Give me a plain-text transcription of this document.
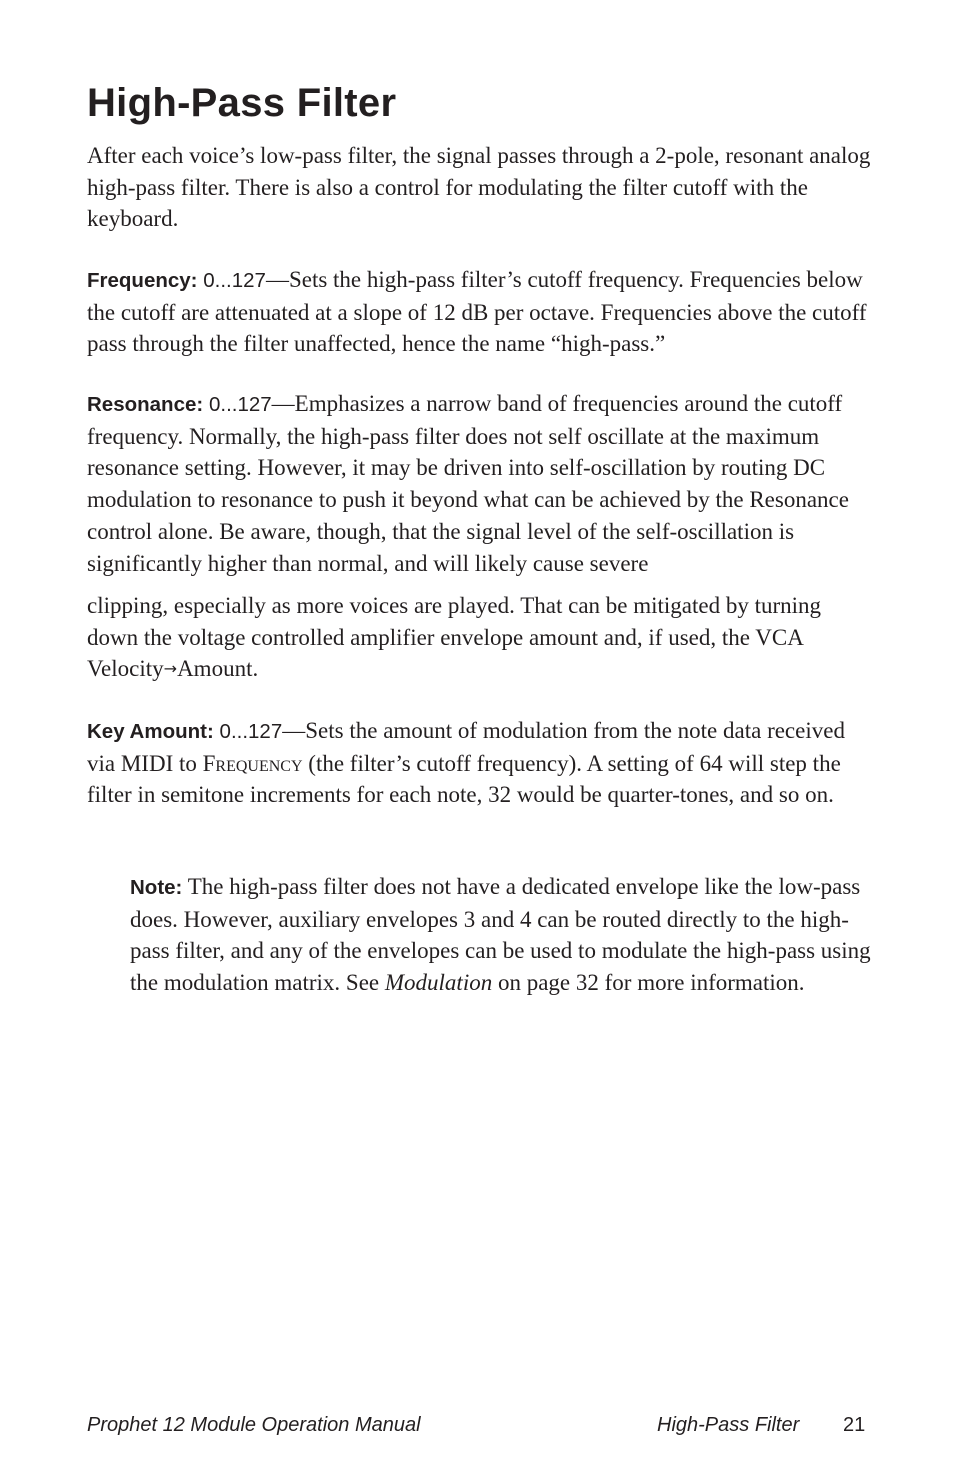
High-Pass Filter

After each voice’s low-pass filter, the signal passes through a 2-pole, resonant analog high-pass filter. There is also a control for modulating the filter cutoff with the keyboard.

Frequency: 0...127—Sets the high-pass filter’s cutoff frequency. Frequencies below the cutoff are attenuated at a slope of 12 dB per octave. Frequencies above the cutoff pass through the filter unaffected, hence the name “high-pass.”

Resonance: 0...127—Emphasizes a narrow band of frequencies around the cutoff frequency. Normally, the high-pass filter does not self oscillate at the maximum resonance setting. However, it may be driven into self-oscillation by routing DC modulation to resonance to push it beyond what can be achieved by the Resonance control alone. Be aware, though, that the signal level of the self-oscillation is significantly higher than normal, and will likely cause severe

clipping, especially as more voices are played. That can be mitigated by turning down the voltage controlled amplifier envelope amount and, if used, the VCA Velocity→Amount.

Key Amount: 0...127—Sets the amount of modulation from the note data received via MIDI to Frequency (the filter’s cutoff frequency). A setting of 64 will step the filter in semitone increments for each note, 32 would be quarter-tones, and so on.

Note: The high-pass filter does not have a dedicated envelope like the low-pass does. However, auxiliary envelopes 3 and 4 can be routed directly to the high-pass filter, and any of the envelopes can be used to modulate the high-pass using the modulation matrix. See Modulation on page 32 for more information.

Prophet 12 Module Operation Manual	High-Pass Filter 21
